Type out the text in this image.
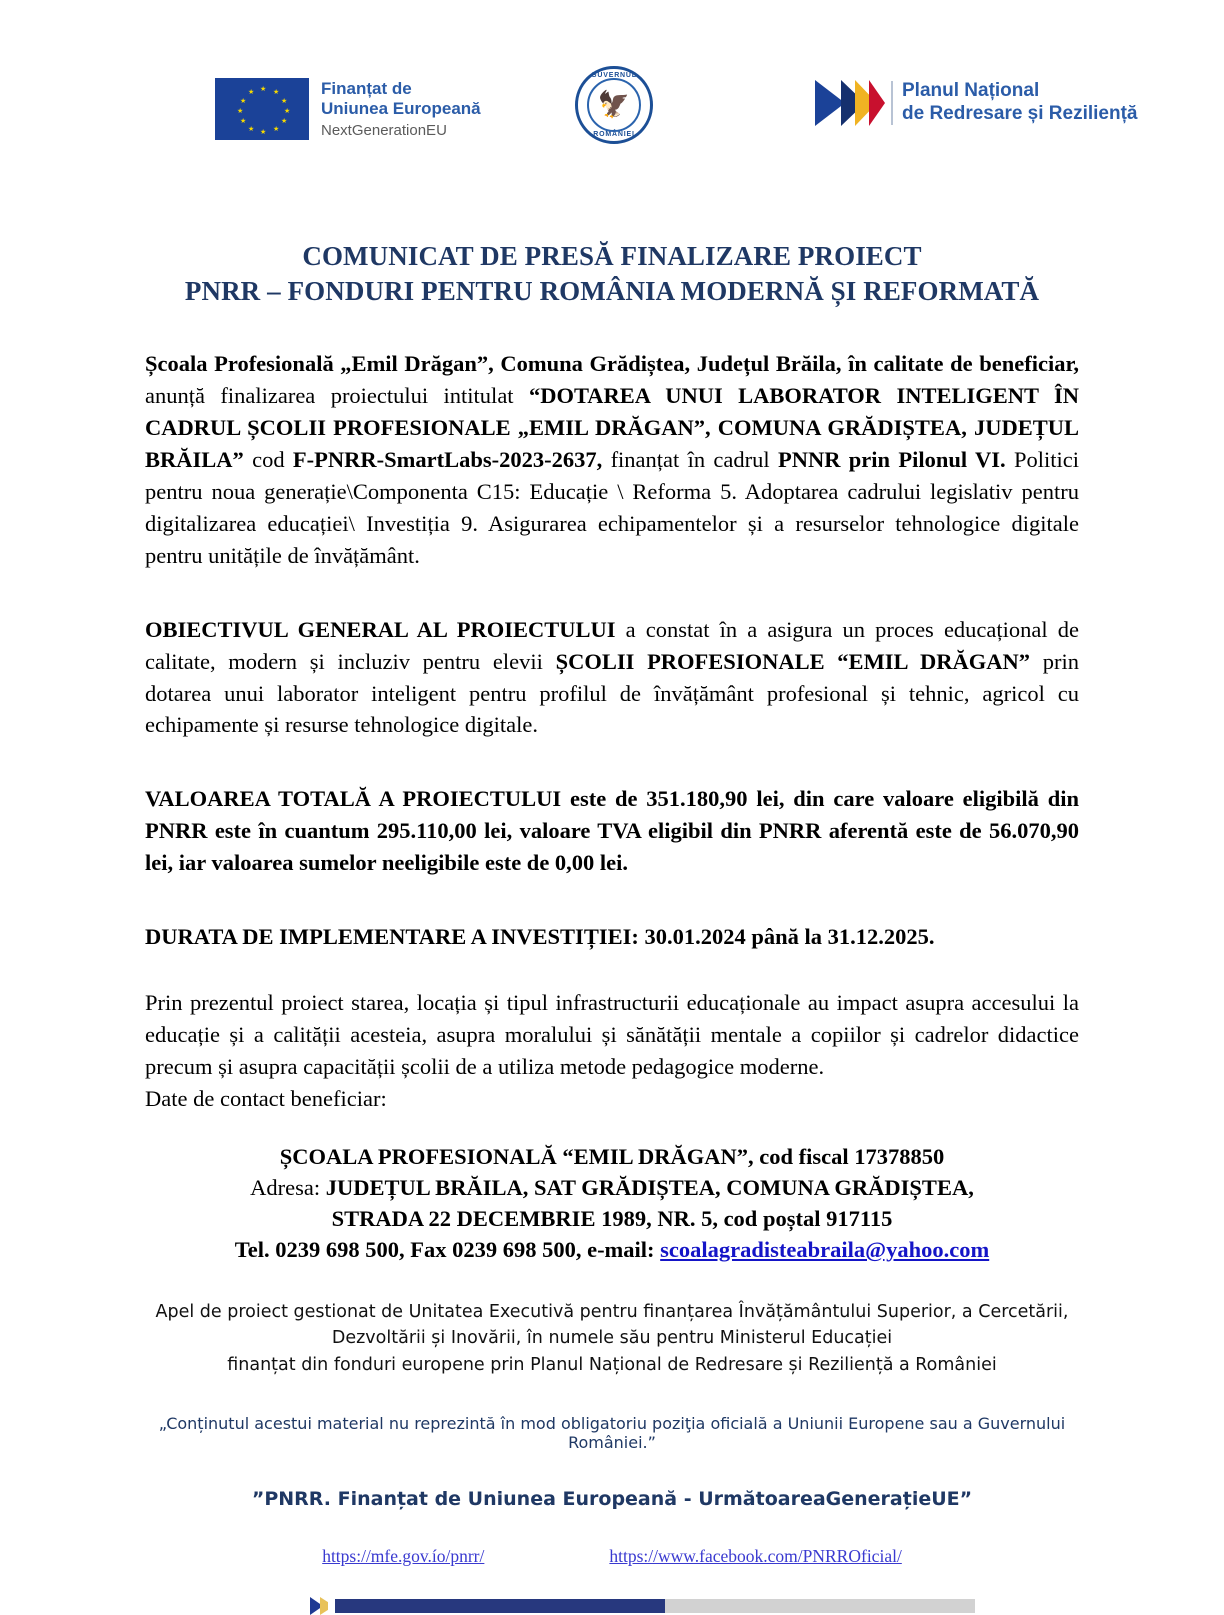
★ ★
★
★
★
★
★
★
★
★
★
★	Finanțat de
Uniunea Europeană
NextGenerationEU
GUVERNUL
🦅
ROMÂNIEI
Planul Național
de Redresare și Reziliență
COMUNICAT DE PRESĂ FINALIZARE PROIECT
PNRR – FONDURI PENTRU ROMÂNIA MODERNĂ ȘI REFORMATĂ

Școala Profesională „Emil Drăgan”, Comuna Grădiștea, Județul Brăila, în calitate de beneficiar, anunță finalizarea proiectului intitulat “DOTAREA UNUI LABORATOR INTELIGENT ÎN CADRUL ȘCOLII PROFESIONALE „EMIL DRĂGAN”, COMUNA GRĂDIȘTEA, JUDEȚUL BRĂILA” cod F-PNRR-SmartLabs-2023-2637, finanțat în cadrul PNNR prin Pilonul VI. Politici pentru noua generație\Componenta C15: Educație \ Reforma 5. Adoptarea cadrului legislativ pentru digitalizarea educației\ Investiția 9. Asigurarea echipamentelor și a resurselor tehnologice digitale pentru unitățile de învățământ.

OBIECTIVUL GENERAL AL PROIECTULUI a constat în a asigura un proces educațional de calitate, modern și incluziv pentru elevii ȘCOLII PROFESIONALE “EMIL DRĂGAN” prin dotarea unui laborator inteligent pentru profilul de învățământ profesional și tehnic, agricol cu echipamente și resurse tehnologice digitale.

VALOAREA TOTALĂ A PROIECTULUI este de 351.180,90 lei, din care valoare eligibilă din PNRR este în cuantum 295.110,00 lei, valoare TVA eligibil din PNRR aferentă este de 56.070,90 lei, iar valoarea sumelor neeligibile este de 0,00 lei.

DURATA DE IMPLEMENTARE A INVESTIȚIEI: 30.01.2024 până la 31.12.2025.

Prin prezentul proiect starea, locația și tipul infrastructurii educaționale au impact asupra accesului la educație și a calității acesteia, asupra moralului și sănătății mentale a copiilor și cadrelor didactice precum și asupra capacității școlii de a utiliza metode pedagogice moderne.

Date de contact beneficiar:

ȘCOALA PROFESIONALĂ “EMIL DRĂGAN”, cod fiscal 17378850
Adresa: JUDEȚUL BRĂILA, SAT GRĂDIȘTEA, COMUNA GRĂDIȘTEA,
STRADA 22 DECEMBRIE 1989, NR. 5, cod poștal 917115
Tel. 0239 698 500, Fax 0239 698 500, e-mail: scoalagradisteabraila@yahoo.com
Apel de proiect gestionat de Unitatea Executivă pentru finanțarea Învățământului Superior, a Cercetării,
Dezvoltării și Inovării, în numele său pentru Ministerul Educației
finanțat din fonduri europene prin Planul Național de Redresare și Reziliență a României
„Conținutul acestui material nu reprezintă în mod obligatoriu poziţia oficială a Uniunii Europene sau a Guvernului României.”
”PNRR. Finanțat de Uniunea Europeană - UrmătoareaGenerațieUE”
https://mfe.gov.ío/pnrr/	https://www.facebook.com/PNRROficial/
